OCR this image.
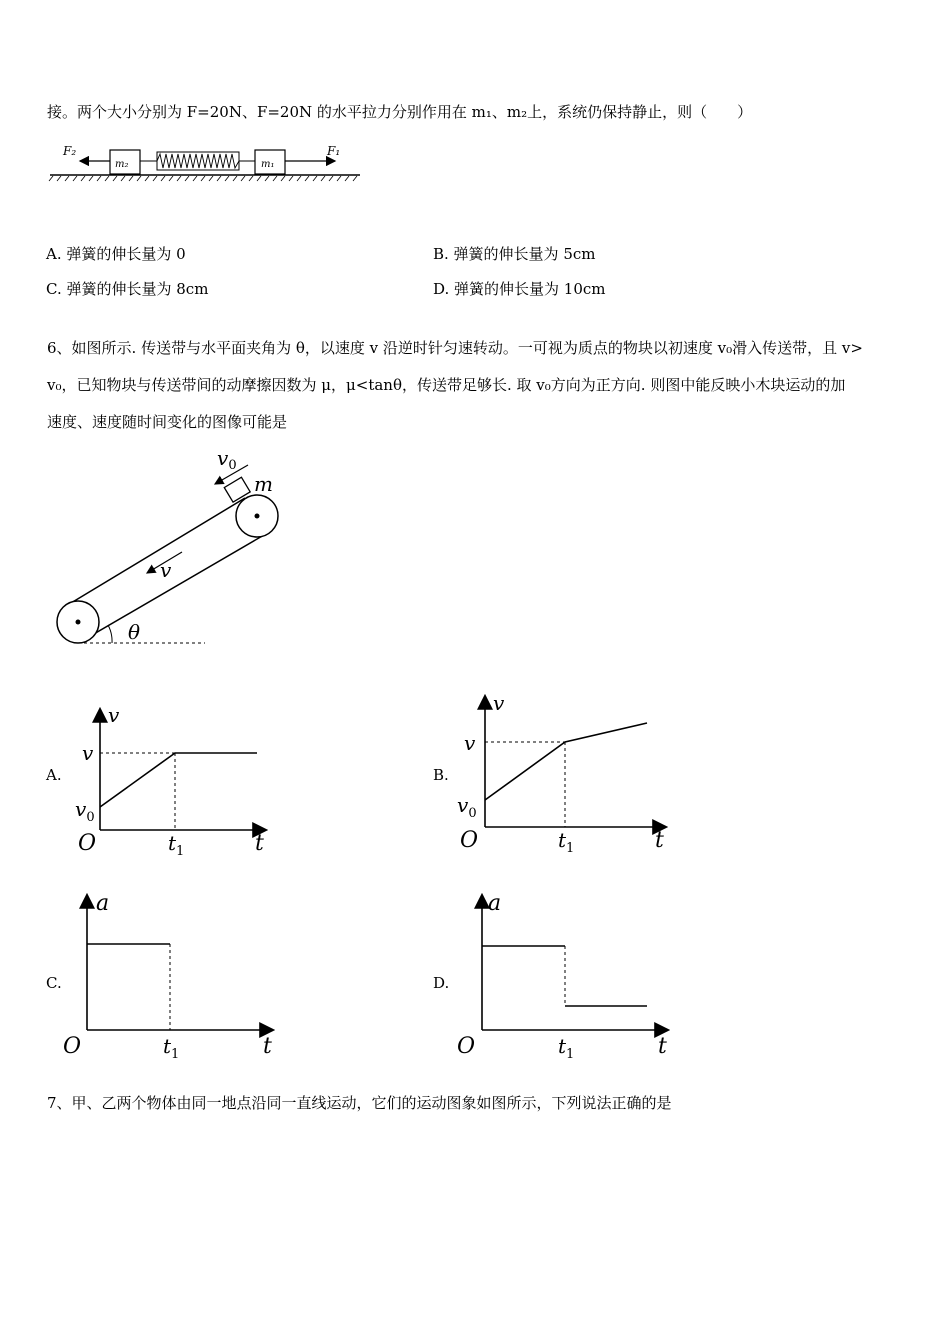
接。两个大小分别为 F=20N、F=20N 的水平拉力分别作用在 m₁、m₂上，系统仍保持静止，则（　　）
m₂	m₁
F₂	F₁
A. 弹簧的伸长量为 0	B. 弹簧的伸长量为 5cm
C. 弹簧的伸长量为 8cm	D. 弹簧的伸长量为 10cm
6、如图所示. 传送带与水平面夹角为 θ，以速度 v 沿逆时针匀速转动。一可视为质点的物块以初速度 v₀滑入传送带，且 v>
v₀，已知物块与传送带间的动摩擦因数为 μ，μ<tanθ，传送带足够长. 取 v₀方向为正方向. 则图中能反映小木块运动的加
速度、速度随时间变化的图像可能是
$v_0$
m
v
θ
A.	B.
C.	D.
v
t
O
v
$v_0$
$t_1$
v
t
O
v
$v_0$
$t_1$
a
t
O	$t_1$
a
t
O	$t_1$
7、甲、乙两个物体由同一地点沿同一直线运动，它们的运动图象如图所示，下列说法正确的是
